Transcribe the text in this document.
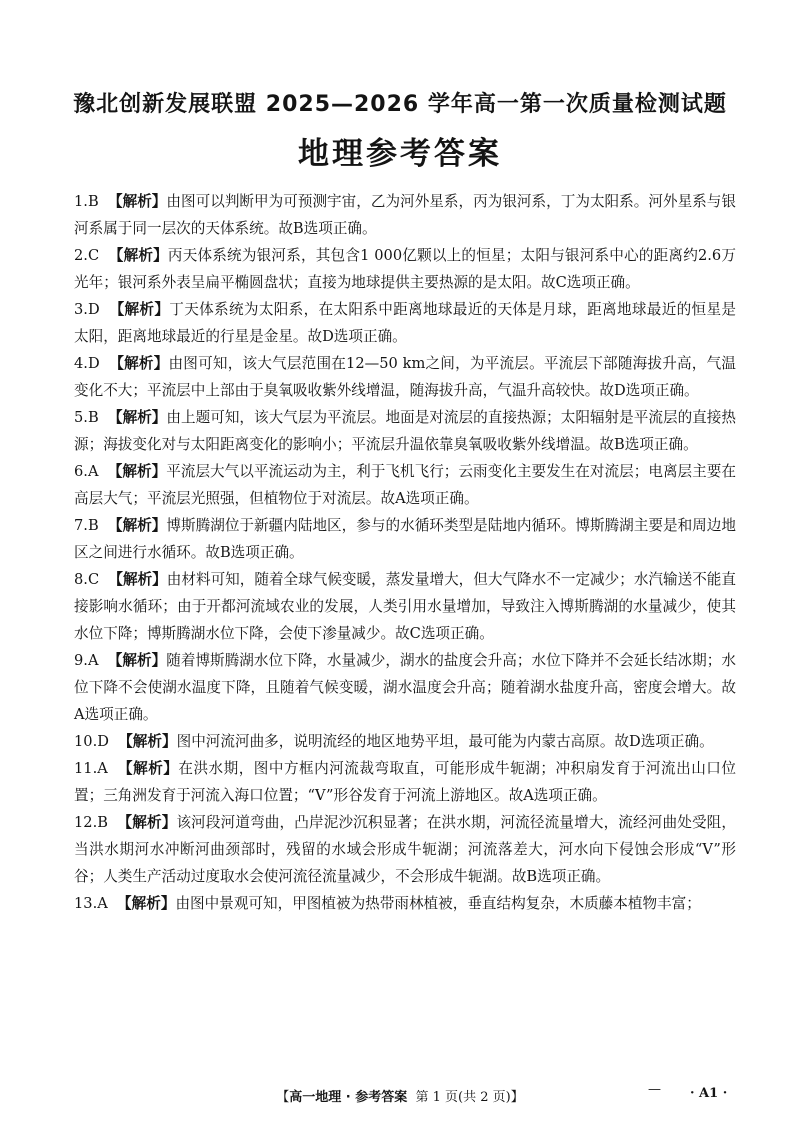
豫北创新发展联盟 2025—2026 学年高一第一次质量检测试题
地理参考答案

1.B 【解析】由图可以判断甲为可预测宇宙，乙为河外星系，丙为银河系，丁为太阳系。河外星系与银河系属于同一层次的天体系统。故B选项正确。

2.C 【解析】丙天体系统为银河系，其包含1 000亿颗以上的恒星；太阳与银河系中心的距离约2.6万光年；银河系外表呈扁平椭圆盘状；直接为地球提供主要热源的是太阳。故C选项正确。

3.D 【解析】丁天体系统为太阳系，在太阳系中距离地球最近的天体是月球，距离地球最近的恒星是太阳，距离地球最近的行星是金星。故D选项正确。

4.D 【解析】由图可知，该大气层范围在12—50 km之间，为平流层。平流层下部随海拔升高，气温变化不大；平流层中上部由于臭氧吸收紫外线增温，随海拔升高，气温升高较快。故D选项正确。

5.B 【解析】由上题可知，该大气层为平流层。地面是对流层的直接热源；太阳辐射是平流层的直接热源；海拔变化对与太阳距离变化的影响小；平流层升温依靠臭氧吸收紫外线增温。故B选项正确。

6.A 【解析】平流层大气以平流运动为主，利于飞机飞行；云雨变化主要发生在对流层；电离层主要在高层大气；平流层光照强，但植物位于对流层。故A选项正确。

7.B 【解析】博斯腾湖位于新疆内陆地区，参与的水循环类型是陆地内循环。博斯腾湖主要是和周边地区之间进行水循环。故B选项正确。

8.C 【解析】由材料可知，随着全球气候变暖，蒸发量增大，但大气降水不一定减少；水汽输送不能直接影响水循环；由于开都河流域农业的发展，人类引用水量增加，导致注入博斯腾湖的水量减少，使其水位下降；博斯腾湖水位下降，会使下渗量减少。故C选项正确。

9.A 【解析】随着博斯腾湖水位下降，水量减少，湖水的盐度会升高；水位下降并不会延长结冰期；水位下降不会使湖水温度下降，且随着气候变暖，湖水温度会升高；随着湖水盐度升高，密度会增大。故A选项正确。

10.D 【解析】图中河流河曲多，说明流经的地区地势平坦，最可能为内蒙古高原。故D选项正确。

11.A 【解析】在洪水期，图中方框内河流裁弯取直，可能形成牛轭湖；冲积扇发育于河流出山口位置；三角洲发育于河流入海口位置；“V”形谷发育于河流上游地区。故A选项正确。

12.B 【解析】该河段河道弯曲，凸岸泥沙沉积显著；在洪水期，河流径流量增大，流经河曲处受阻，当洪水期河水冲断河曲颈部时，残留的水域会形成牛轭湖；河流落差大，河水向下侵蚀会形成“V”形谷；人类生产活动过度取水会使河流径流量减少，不会形成牛轭湖。故B选项正确。

13.A 【解析】由图中景观可知，甲图植被为热带雨林植被，垂直结构复杂，木质藤本植物丰富；

【高一地理 · 参考答案 第 1 页(共 2 页)】
— · A1 ·
